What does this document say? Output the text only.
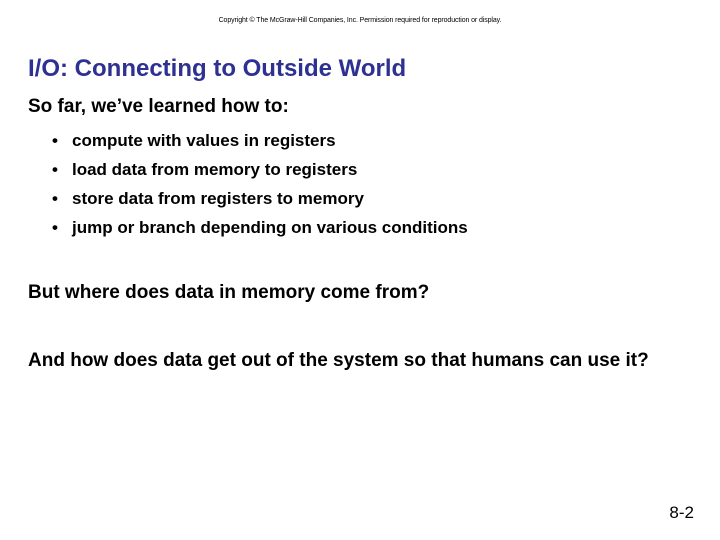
Copyright © The McGraw-Hill Companies, Inc. Permission required for reproduction or display.
I/O: Connecting to Outside World
So far, we’ve learned how to:
• compute with values in registers
• load data from memory to registers
• store data from registers to memory
• jump or branch depending on various conditions
But where does data in memory come from?
And how does data get out of the system so that humans can use it?
8-2
